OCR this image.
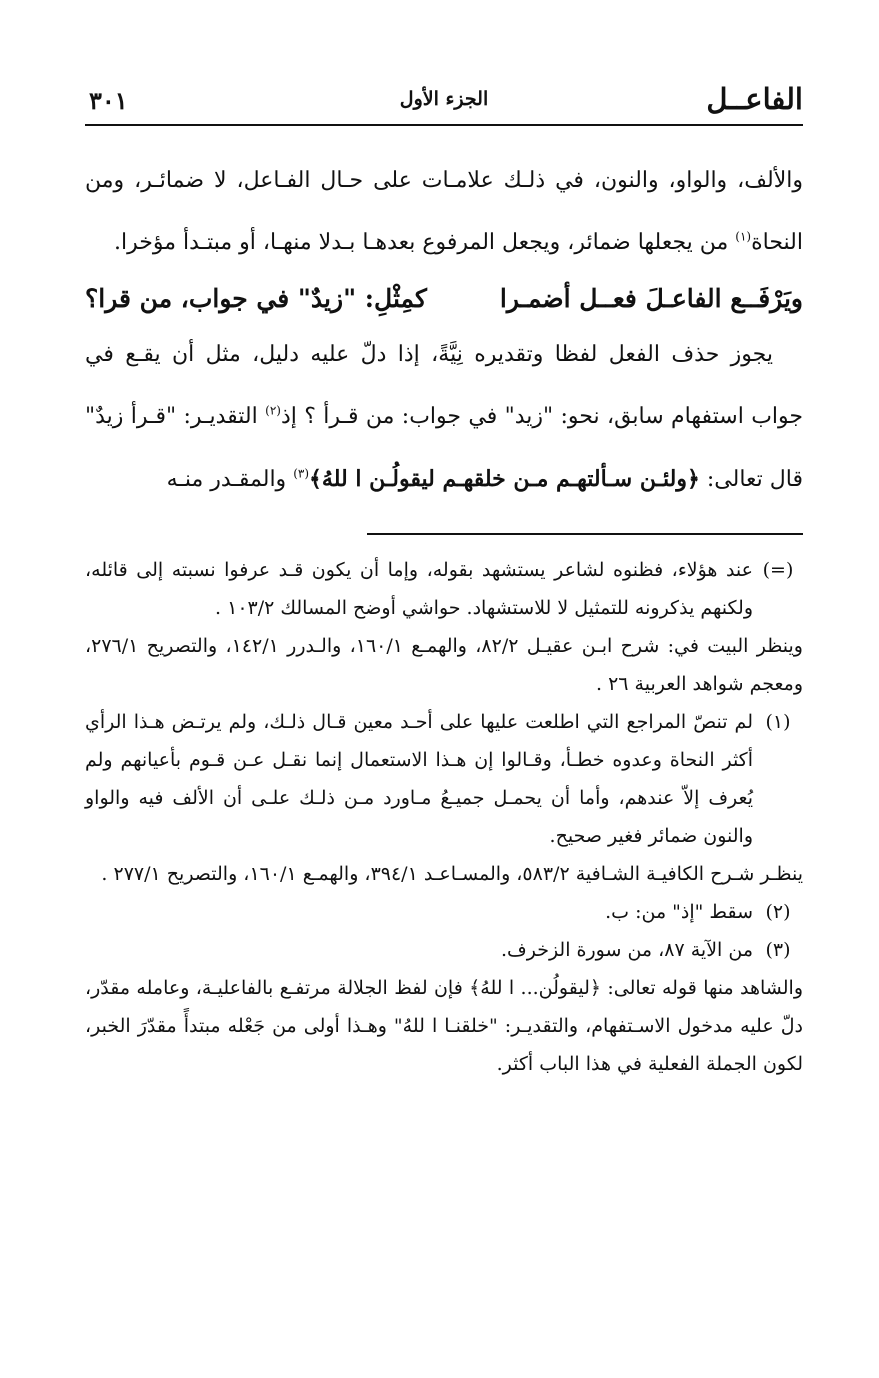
الفاعــل
الجزء الأول
٣٠١

والألف، والواو، والنون، في ذلـك علامـات على حـال الفـاعل، لا ضمائـر، ومن النحاة$^{(١)}$ من يجعلها ضمائر، ويجعل المرفوع بعدهـا بـدلا منهـا، أو مبتـدأ مؤخرا.

ويَرْفَــع الفاعـلَ فعــل أضمـرا
كمِثْلِ: "زيدٌ" في جواب، من قرا؟

يجوز حذف الفعل لفظا وتقديره نِيَّةً، إذا دلّ عليه دليل، مثل أن يقـع في جواب استفهام سابق، نحو: "زيد" في جواب: من قـرأ ؟ إذ$^{(٢)}$ التقديـر: "قـرأ زيدٌ" قال تعالى: ﴿ولئـن سـألتهـم مـن خلقهـم ليقولُـن ا للهُ﴾$^{(٣)}$ والمقـدر منـه

(=)

عند هؤلاء، فظنوه لشاعر يستشهد بقوله، وإما أن يكون قـد عرفوا نسبته إلى قائله، ولكنهم يذكرونه للتمثيل لا للاستشهاد. حواشي أوضح المسالك ١٠٣/٢ .

وينظر البيت في: شرح ابـن عقيـل ٨٢/٢، والهمـع ١٦٠/١، والـدرر ١٤٢/١، والتصريح ٢٧٦/١، ومعجم شواهد العربية ٢٦ .

(١)

لم تنصّ المراجع التي اطلعت عليها على أحـد معين قـال ذلـك، ولم يرتـض هـذا الرأي أكثر النحاة وعدوه خطـأ، وقـالوا إن هـذا الاستعمال إنما نقـل عـن قـوم بأعيانهم ولم يُعرف إلاّ عندهم، وأما أن يحمـل جميـعُ مـاورد مـن ذلـك علـى أن الألف فيه والواو والنون ضمائر فغير صحيح.

ينظـر شـرح الكافيـة الشـافية ٥٨٣/٢، والمسـاعـد ٣٩٤/١، والهمـع ١٦٠/١، والتصريح ٢٧٧/١ .

(٢)

سقط "إذ" من: ب.

(٣)

من الآية ٨٧، من سورة الزخرف.

والشاهد منها قوله تعالى: ﴿ليقولُن... ا للهُ﴾ فإن لفظ الجلالة مرتفـع بالفاعليـة، وعامله مقدّر، دلّ عليه مدخول الاسـتفهام، والتقديـر: "خلقنـا ا للهُ" وهـذا أولى من جَعْله مبتدأً مقدّرَ الخبر، لكون الجملة الفعلية في هذا الباب أكثر.
